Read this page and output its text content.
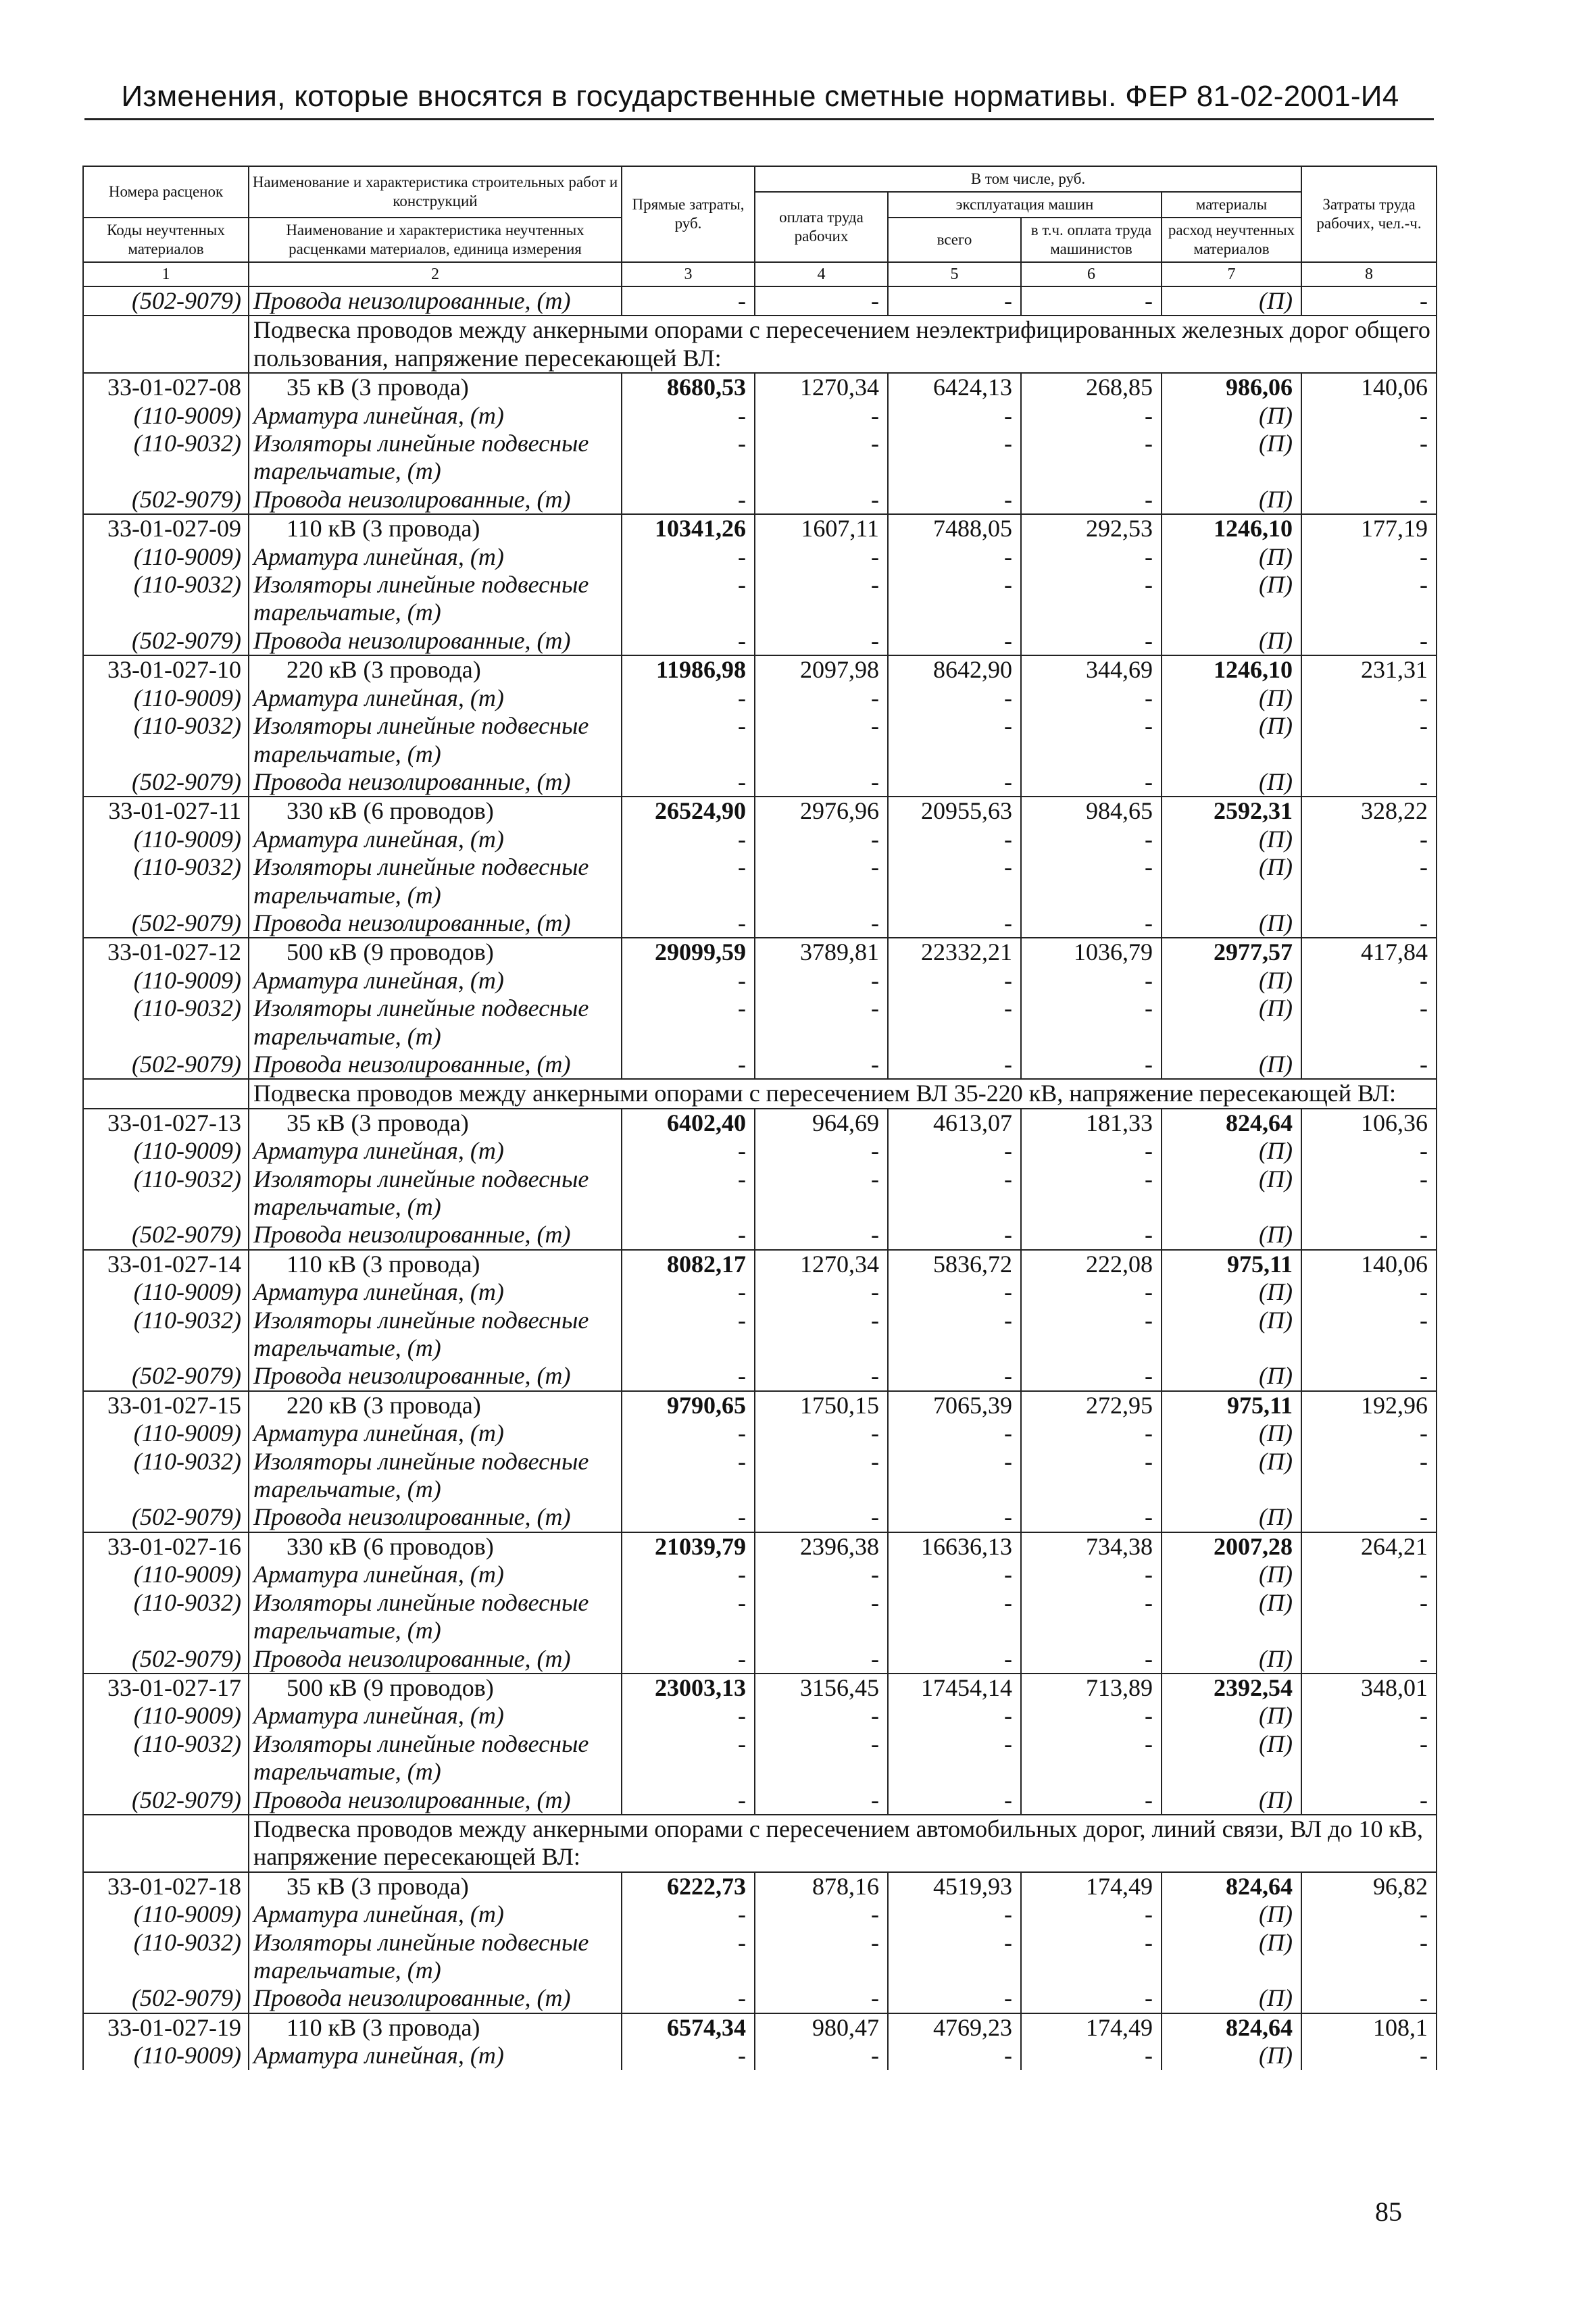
Изменения, которые вносятся в государственные сметные нормативы. ФЕР 81-02-2001-И4
Номера расценок	Наименование и характеристика строительных работ и конструкций	Прямые затраты, руб.	В том числе, руб.				Затраты труда рабочих, чел.-ч.
			оплата труда рабочих	эксплуатация машин		материалы	
Коды неучтенных материалов	Наименование и характеристика неучтенных расценками материалов, единица измерения			всего	в т.ч. оплата труда машинистов	расход неучтенных материалов	

1	2	3	4	5	6	7	8
(502-9079)	Провода неизолированные, (т)	-	-	-	-	(П)	-
	Подвеска проводов между анкерными опорами с пересечением неэлектрифицированных железных дорог общего пользования, напряжение пересекающей ВЛ:						
33-01-027-08	35 кВ (3 провода)	8680,53	1270,34	6424,13	268,85	986,06	140,06
(110-9009)	Арматура линейная, (т)	-	-	-	-	(П)	-
(110-9032)	Изоляторы линейные подвесные	-	-	-	-	(П)	-
	тарельчатые, (т)						
(502-9079)	Провода неизолированные, (т)	-	-	-	-	(П)	-
33-01-027-09	110 кВ (3 провода)	10341,26	1607,11	7488,05	292,53	1246,10	177,19
(110-9009)	Арматура линейная, (т)	-	-	-	-	(П)	-
(110-9032)	Изоляторы линейные подвесные	-	-	-	-	(П)	-
	тарельчатые, (т)						
(502-9079)	Провода неизолированные, (т)	-	-	-	-	(П)	-
33-01-027-10	220 кВ (3 провода)	11986,98	2097,98	8642,90	344,69	1246,10	231,31
(110-9009)	Арматура линейная, (т)	-	-	-	-	(П)	-
(110-9032)	Изоляторы линейные подвесные	-	-	-	-	(П)	-
	тарельчатые, (т)						
(502-9079)	Провода неизолированные, (т)	-	-	-	-	(П)	-
33-01-027-11	330 кВ (6 проводов)	26524,90	2976,96	20955,63	984,65	2592,31	328,22
(110-9009)	Арматура линейная, (т)	-	-	-	-	(П)	-
(110-9032)	Изоляторы линейные подвесные	-	-	-	-	(П)	-
	тарельчатые, (т)						
(502-9079)	Провода неизолированные, (т)	-	-	-	-	(П)	-
33-01-027-12	500 кВ (9 проводов)	29099,59	3789,81	22332,21	1036,79	2977,57	417,84
(110-9009)	Арматура линейная, (т)	-	-	-	-	(П)	-
(110-9032)	Изоляторы линейные подвесные	-	-	-	-	(П)	-
	тарельчатые, (т)						
(502-9079)	Провода неизолированные, (т)	-	-	-	-	(П)	-
	Подвеска проводов между анкерными опорами с пересечением ВЛ 35-220 кВ, напряжение пересекающей ВЛ:						
33-01-027-13	35 кВ (3 провода)	6402,40	964,69	4613,07	181,33	824,64	106,36
(110-9009)	Арматура линейная, (т)	-	-	-	-	(П)	-
(110-9032)	Изоляторы линейные подвесные	-	-	-	-	(П)	-
	тарельчатые, (т)						
(502-9079)	Провода неизолированные, (т)	-	-	-	-	(П)	-
33-01-027-14	110 кВ (3 провода)	8082,17	1270,34	5836,72	222,08	975,11	140,06
(110-9009)	Арматура линейная, (т)	-	-	-	-	(П)	-
(110-9032)	Изоляторы линейные подвесные	-	-	-	-	(П)	-
	тарельчатые, (т)						
(502-9079)	Провода неизолированные, (т)	-	-	-	-	(П)	-
33-01-027-15	220 кВ (3 провода)	9790,65	1750,15	7065,39	272,95	975,11	192,96
(110-9009)	Арматура линейная, (т)	-	-	-	-	(П)	-
(110-9032)	Изоляторы линейные подвесные	-	-	-	-	(П)	-
	тарельчатые, (т)						
(502-9079)	Провода неизолированные, (т)	-	-	-	-	(П)	-
33-01-027-16	330 кВ (6 проводов)	21039,79	2396,38	16636,13	734,38	2007,28	264,21
(110-9009)	Арматура линейная, (т)	-	-	-	-	(П)	-
(110-9032)	Изоляторы линейные подвесные	-	-	-	-	(П)	-
	тарельчатые, (т)						
(502-9079)	Провода неизолированные, (т)	-	-	-	-	(П)	-
33-01-027-17	500 кВ (9 проводов)	23003,13	3156,45	17454,14	713,89	2392,54	348,01
(110-9009)	Арматура линейная, (т)	-	-	-	-	(П)	-
(110-9032)	Изоляторы линейные подвесные	-	-	-	-	(П)	-
	тарельчатые, (т)						
(502-9079)	Провода неизолированные, (т)	-	-	-	-	(П)	-
	Подвеска проводов между анкерными опорами с пересечением автомобильных дорог, линий связи, ВЛ до 10 кВ, напряжение пересекающей ВЛ:						
33-01-027-18	35 кВ (3 провода)	6222,73	878,16	4519,93	174,49	824,64	96,82
(110-9009)	Арматура линейная, (т)	-	-	-	-	(П)	-
(110-9032)	Изоляторы линейные подвесные	-	-	-	-	(П)	-
	тарельчатые, (т)						
(502-9079)	Провода неизолированные, (т)	-	-	-	-	(П)	-
33-01-027-19	110 кВ (3 провода)	6574,34	980,47	4769,23	174,49	824,64	108,1
(110-9009)	Арматура линейная, (т)	-	-	-	-	(П)	-
85
